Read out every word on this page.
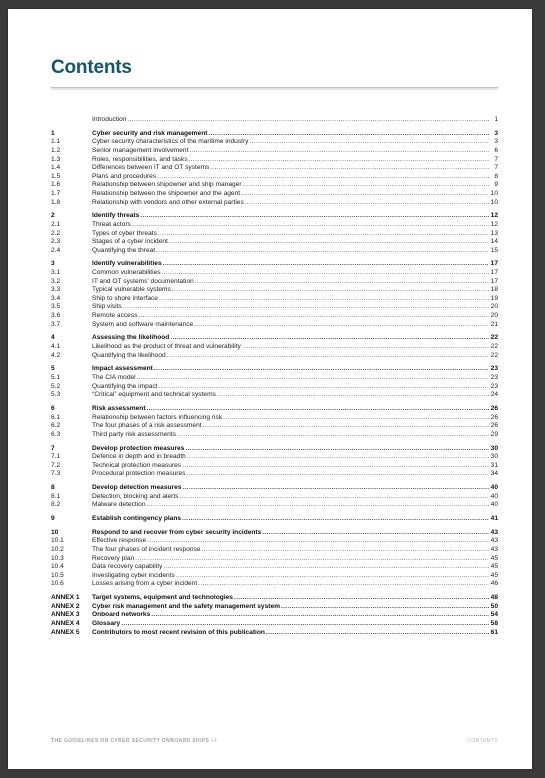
Contents
Introduction .....	1
1	Cyber security and risk management .....	3
1.1	Cyber security characteristics of the maritime industry .....	3
1.2	Senior management involvement .....	6
1.3	Roles, responsibilities, and tasks .....	7
1.4	Differences between IT and OT systems .....	7
1.5	Plans and procedures .....	8
1.6	Relationship between shipowner and ship manager .....	9
1.7	Relationship between the shipowner and the agent .....	10
1.8	Relationship with vendors and other external parties .....	10
2	Identify threats .....	12
2.1	Threat actors .....	12
2.2	Types of cyber threats .....	13
2.3	Stages of a cyber incident .....	14
2.4	Quantifying the threat .....	15
3	Identify vulnerabilities .....	17
3.1	Common vulnerabilities .....	17
3.2	IT and OT systems' documentation .....	17
3.3	Typical vulnerable systems .....	18
3.4	Ship to shore interface .....	19
3.5	Ship visits .....	20
3.6	Remote access .....	20
3.7	System and software maintenance .....	21
4	Assessing the likelihood .....	22
4.1	Likelihood as the product of threat and vulnerability .....	22
4.2	Quantifying the likelihood .....	22
5	Impact assessment .....	23
5.1	The CIA model .....	23
5.2	Quantifying the impact .....	23
5.3	“Critical” equipment and technical systems .....	24
6	Risk assessment .....	26
6.1	Relationship between factors influencing risk .....	26
6.2	The four phases of a risk assessment .....	26
6.3	Third party risk assessments .....	29
7	Develop protection measures .....	30
7.1	Defence in depth and in breadth .....	30
7.2	Technical protection measures .....	31
7.3	Procedural protection measures .....	34
8	Develop detection measures .....	40
8.1	Detection, blocking and alerts .....	40
8.2	Malware detection .....	40
9	Establish contingency plans .....	41
10	Respond to and recover from cyber security incidents .....	43
10.1	Effective response .....	43
10.2	The four phases of incident response .....	43
10.3	Recovery plan .....	45
10.4	Data recovery capability .....	45
10.5	Investigating cyber incidents .....	45
10.6	Losses arising from a cyber incident .....	46
ANNEX 1	Target systems, equipment and technologies .....	48
ANNEX 2	Cyber risk management and the safety management system .....	50
ANNEX 3	Onboard networks .....	54
ANNEX 4	Glossary .....	58
ANNEX 5	Contributors to most recent revision of this publication .....	61
THE GUIDELINES ON CYBER SECURITY ONBOARD SHIPS v4	CONTENTS
